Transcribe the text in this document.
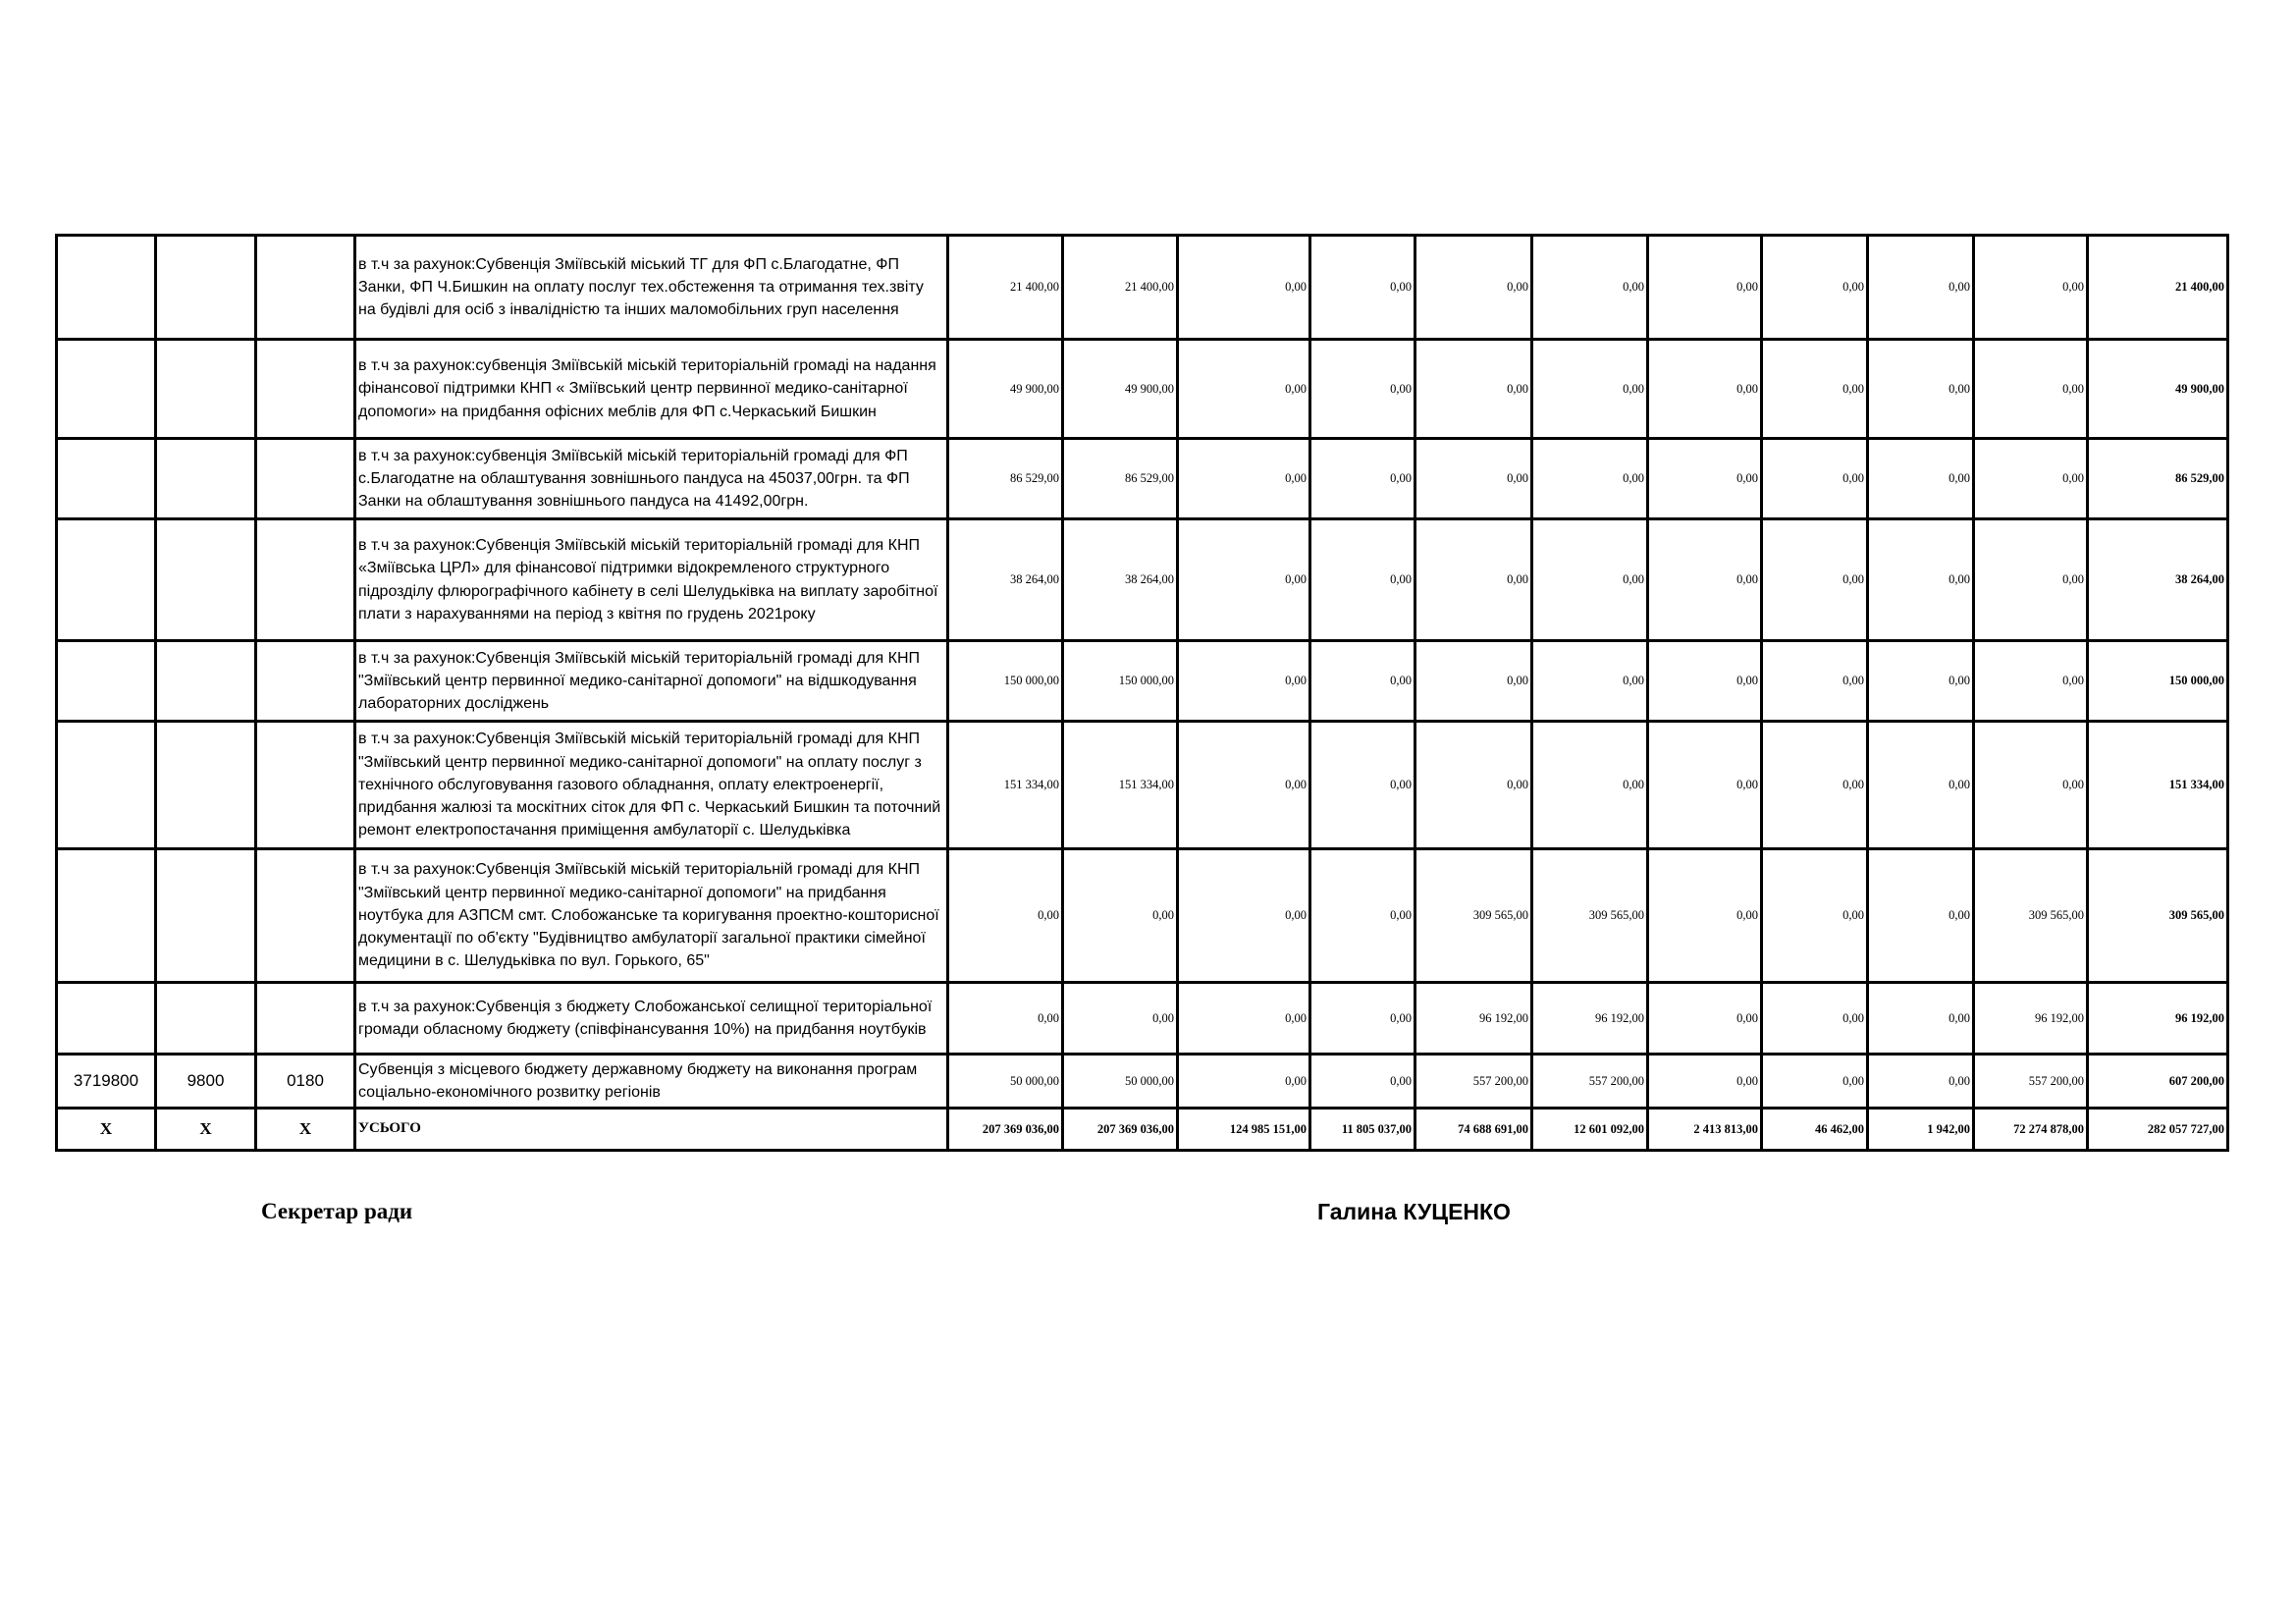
			в т.ч за рахунок:Субвенція Зміївській міський ТГ для ФП с.Благодатне, ФП Занки, ФП Ч.Бишкин на оплату послуг тех.обстеження та отримання тех.звіту на будівлі для осіб з інвалідністю та інших маломобільних груп населення	21 400,00	21 400,00	0,00	0,00	0,00	0,00	0,00	0,00	0,00	0,00	21 400,00
			в т.ч за рахунок:субвенція Зміївській міській територіальній громаді на надання фінансової підтримки КНП « Зміївський центр первинної медико-санітарної допомоги» на придбання офісних меблів для ФП с.Черкаський Бишкин	49 900,00	49 900,00	0,00	0,00	0,00	0,00	0,00	0,00	0,00	0,00	49 900,00
			в т.ч за рахунок:субвенція Зміївській міській територіальній громаді для ФП с.Благодатне на облаштування зовнішнього пандуса на 45037,00грн. та ФП Занки на облаштування зовнішнього пандуса на 41492,00грн.	86 529,00	86 529,00	0,00	0,00	0,00	0,00	0,00	0,00	0,00	0,00	86 529,00
			в т.ч за рахунок:Субвенція Зміївській міській територіальній громаді для КНП «Зміївська ЦРЛ» для фінансової підтримки відокремленого структурного підрозділу флюрографічного кабінету в селі Шелудьківка на виплату заробітної плати з нарахуваннями на період з квітня по грудень 2021року	38 264,00	38 264,00	0,00	0,00	0,00	0,00	0,00	0,00	0,00	0,00	38 264,00
			в т.ч за рахунок:Субвенція Зміївській міській територіальній громаді для КНП "Зміївський центр первинної медико-санітарної допомоги" на відшкодування лабораторних досліджень	150 000,00	150 000,00	0,00	0,00	0,00	0,00	0,00	0,00	0,00	0,00	150 000,00
			в т.ч за рахунок:Субвенція Зміївській міській територіальній громаді для КНП "Зміївський центр первинної медико-санітарної допомоги" на оплату послуг з технічного обслуговування газового обладнання, оплату електроенергії, придбання жалюзі та москітних сіток для ФП с. Черкаський Бишкин та поточний ремонт електропостачання приміщення амбулаторії с. Шелудьківка	151 334,00	151 334,00	0,00	0,00	0,00	0,00	0,00	0,00	0,00	0,00	151 334,00
			в т.ч за рахунок:Субвенція Зміївській міській територіальній громаді для КНП "Зміївський центр первинної медико-санітарної допомоги" на придбання ноутбука для АЗПСМ смт. Слобожанське та коригування проектно-кошторисної документації по об'єкту "Будівництво амбулаторії загальної практики сімейної медицини в с. Шелудьківка по вул. Горького, 65"	0,00	0,00	0,00	0,00	309 565,00	309 565,00	0,00	0,00	0,00	309 565,00	309 565,00
			в т.ч за рахунок:Субвенція з бюджету Слобожанської селищної територіальної громади обласному бюджету (співфінансування 10%) на придбання ноутбуків	0,00	0,00	0,00	0,00	96 192,00	96 192,00	0,00	0,00	0,00	96 192,00	96 192,00
3719800	9800	0180	Субвенція з місцевого бюджету державному бюджету на виконання програм соціально-економічного розвитку регіонів	50 000,00	50 000,00	0,00	0,00	557 200,00	557 200,00	0,00	0,00	0,00	557 200,00	607 200,00
X	X	X	УСЬОГО	207 369 036,00	207 369 036,00	124 985 151,00	11 805 037,00	74 688 691,00	12 601 092,00	2 413 813,00	46 462,00	1 942,00	72 274 878,00	282 057 727,00
Секретар ради	Галина КУЦЕНКО
